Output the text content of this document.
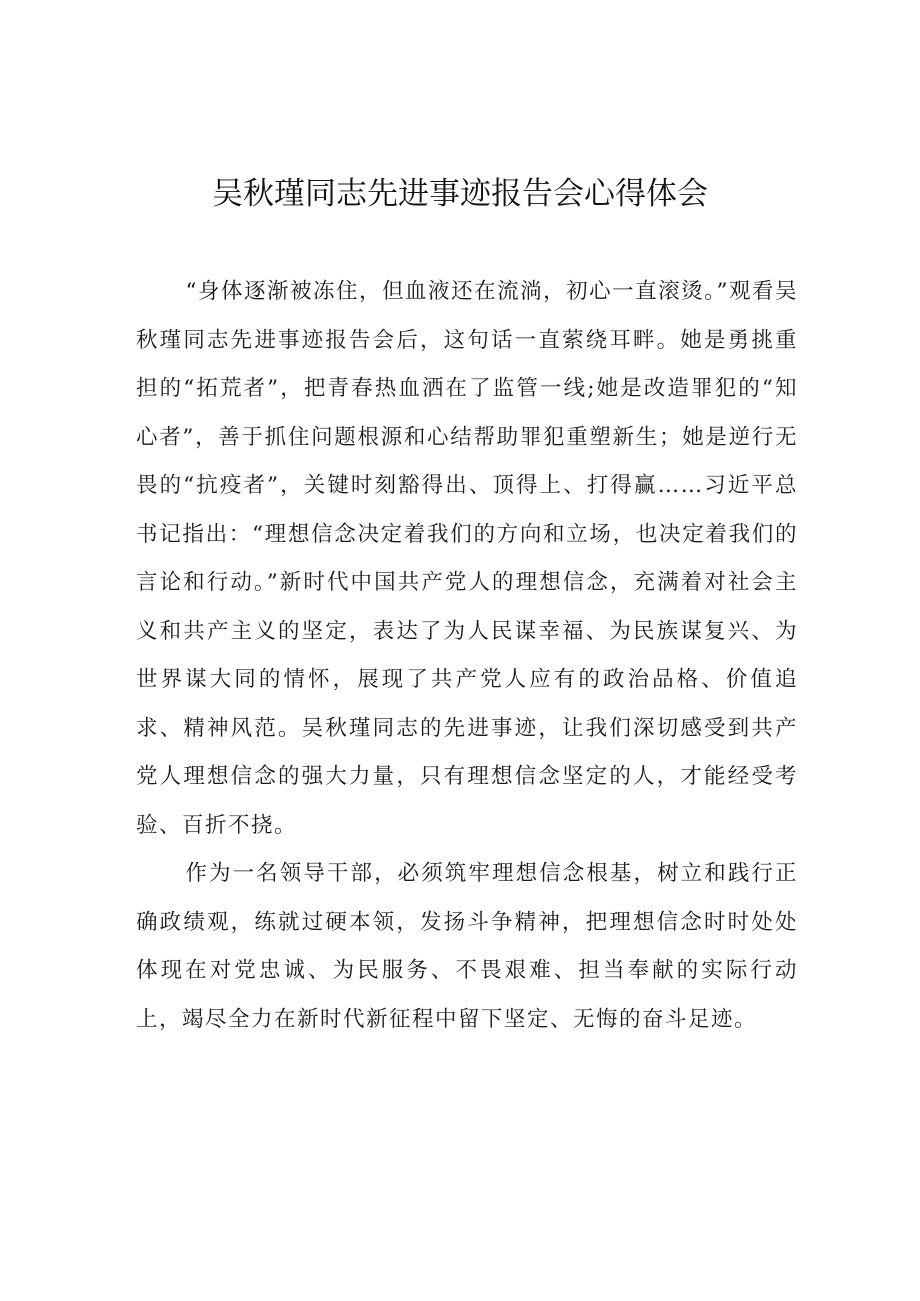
吴秋瑾同志先进事迹报告会心得体会

“身体逐渐被冻住，但血液还在流淌，初心一直滚烫。”观看吴秋瑾同志先进事迹报告会后，这句话一直萦绕耳畔。她是勇挑重担的“拓荒者”，把青春热血洒在了监管一线;她是改造罪犯的“知心者”，善于抓住问题根源和心结帮助罪犯重塑新生；她是逆行无畏的“抗疫者”，关键时刻豁得出、顶得上、打得赢……习近平总书记指出：“理想信念决定着我们的方向和立场，也决定着我们的言论和行动。”新时代中国共产党人的理想信念，充满着对社会主义和共产主义的坚定，表达了为人民谋幸福、为民族谋复兴、为世界谋大同的情怀，展现了共产党人应有的政治品格、价值追求、精神风范。吴秋瑾同志的先进事迹，让我们深切感受到共产党人理想信念的强大力量，只有理想信念坚定的人，才能经受考验、百折不挠。

作为一名领导干部，必须筑牢理想信念根基，树立和践行正确政绩观，练就过硬本领，发扬斗争精神，把理想信念时时处处体现在对党忠诚、为民服务、不畏艰难、担当奉献的实际行动上，竭尽全力在新时代新征程中留下坚定、无悔的奋斗足迹。
